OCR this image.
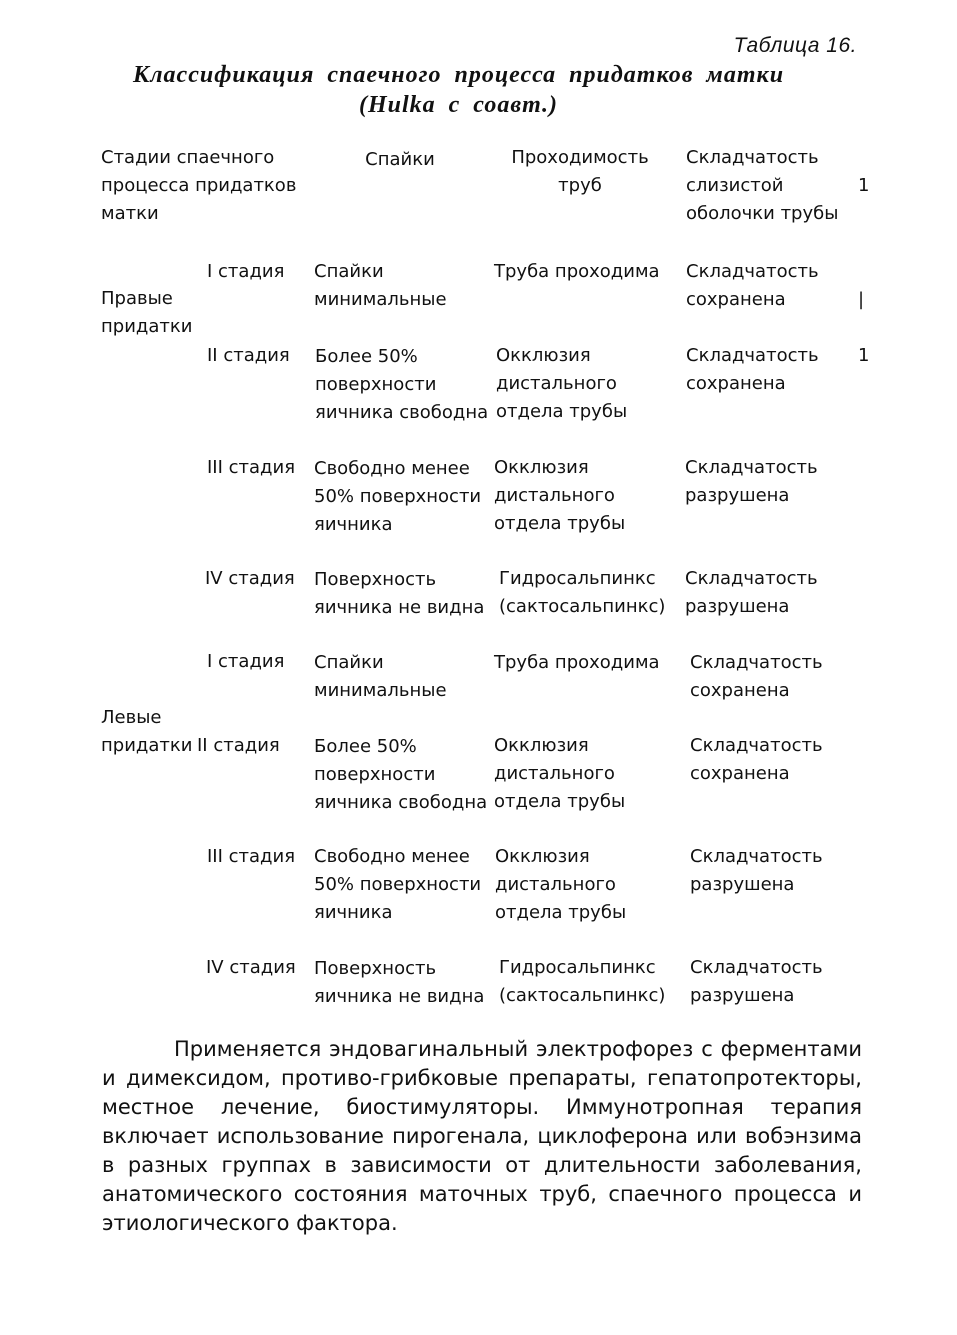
Таблица 16.
Классификация спаечного процесса придатков матки
(Hulka с соавт.)
Стадии спаечного
процесса придатков
матки
Спайки	Проходимость
труб
Складчатость
слизистой
оболочки трубы
Правые
придатки
I стадия Спайки
минимальные
Труба проходима Складчатость
сохранена
II стадия Более 50%
поверхности
яичника свободна
Окклюзия
дистального
отдела трубы
Складчатость
сохранена
III стадия Свободно менее
50% поверхности
яичника
Окклюзия
дистального
отдела трубы
Складчатость
разрушена
IV стадия Поверхность
яичника не видна
Гидросальпинкс
(сактосальпинкс)
Складчатость
разрушена
Левые
придатки
I стадия Спайки
минимальные
Труба проходима Складчатость
сохранена
II стадия Более 50%
поверхности
яичника свободна
Окклюзия
дистального
отдела трубы
Складчатость
сохранена
III стадия Свободно менее
50% поверхности
яичника
Окклюзия
дистального
отдела трубы
Складчатость
разрушена
IV стадия Поверхность
яичника не видна
Гидросальпинкс
(сактосальпинкс)
Складчатость
разрушена
1
|
1
Применяется эндовагинальный электрофорез с ферментами и димексидом, противо-грибковые препараты, гепатопротекторы, местное лечение, биостимуляторы. Иммунотропная терапия включает использование пирогенала, циклоферона или вобэнзима в разных группах в зависимости от длительности заболевания, анатомического состояния маточных труб, спаечного процесса и этиологического фактора.
